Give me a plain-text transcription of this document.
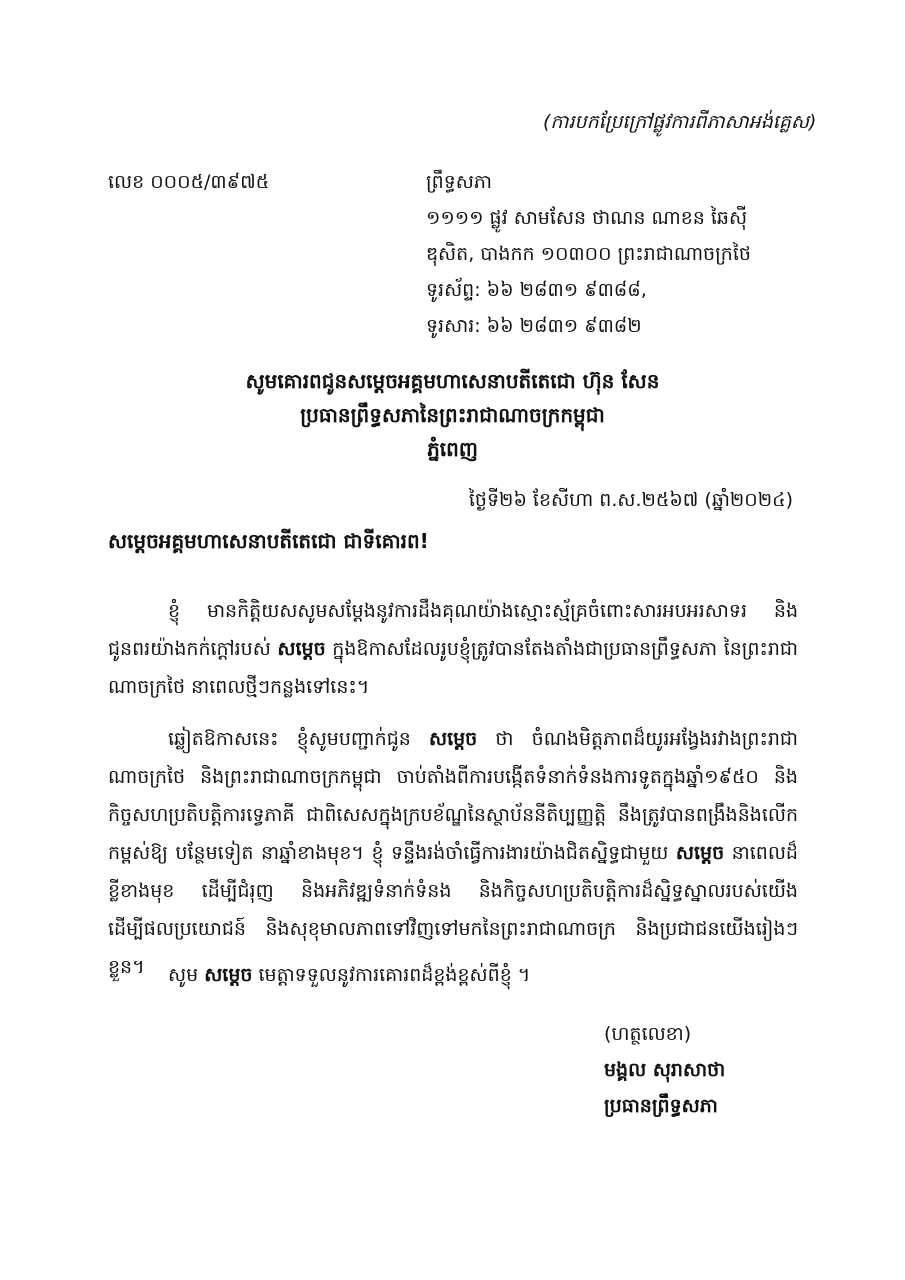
(ការបកប្រែក្រៅផ្លូវការពីភាសាអង់គ្លេស)
លេខ ០០០៥/៣៩៧៥	ព្រឹទ្ធសភា
១១១១ ផ្លូវ សាមសែន ថាណន ណាខន ឆៃស៊ី
ឌុសិត, បាងកក ១០៣០០ ព្រះរាជាណាចក្រថៃ
ទូរស័ព្ទ: ៦៦ ២៨៣១ ៩៣៨៨,
ទូរសារ: ៦៦ ២៨៣១ ៩៣៨២
សូមគោរពជូនសម្តេចអគ្គមហាសេនាបតីតេជោ ហ៊ុន សែន
ប្រធានព្រឹទ្ធសភានៃព្រះរាជាណាចក្រកម្ពុជា
ភ្នំពេញ
ថ្ងៃទី២៦ ខែសីហា ព.ស.២៥៦៧ (ឆ្នាំ២០២៤)
សម្តេចអគ្គមហាសេនាបតីតេជោ ជាទីគោរព!
ខ្ញុំ មានកិត្តិយសសូមសម្តែងនូវការដឹងគុណយ៉ាងស្មោះស្ម័គ្រចំពោះសារអបអរសាទរ និងជូនពរយ៉ាងកក់ក្តៅរបស់ សម្តេច ក្នុងឱកាសដែលរូបខ្ញុំត្រូវបានតែងតាំងជាប្រធានព្រឹទ្ធសភា នៃព្រះរាជាណាចក្រថៃ នាពេលថ្មីៗកន្លងទៅនេះ។
ឆ្លៀតឱកាសនេះ ខ្ញុំសូមបញ្ជាក់ជូន សម្តេច ថា ចំណងមិត្តភាពដ៏យូរអង្វែងរវាងព្រះរាជាណាចក្រថៃ និងព្រះរាជាណាចក្រកម្ពុជា ចាប់តាំងពីការបង្កើតទំនាក់ទំនងការទូតក្នុងឆ្នាំ១៩៥០ និងកិច្ចសហប្រតិបត្តិការទ្វេភាគី ជាពិសេសក្នុងក្របខ័ណ្ឌនៃស្ថាប័ននីតិប្បញ្ញត្តិ នឹងត្រូវបានពង្រឹងនិងលើកកម្ពស់ឱ្យ បន្ថែមទៀត នាឆ្នាំខាងមុខ។ ខ្ញុំ ទន្ទឹងរង់ចាំធ្វើការងារយ៉ាងជិតស្និទ្ធជាមួយ សម្តេច នាពេលដ៏ខ្លីខាងមុខ ដើម្បីជំរុញ និងអភិវឌ្ឍទំនាក់ទំនង និងកិច្ចសហប្រតិបត្តិការដ៏ស្និទ្ធស្នាលរបស់យើង ដើម្បីផលប្រយោជន៍ និងសុខុមាលភាពទៅវិញទៅមកនៃព្រះរាជាណាចក្រ និងប្រជាជនយើងរៀងៗខ្លួន។	សូម សម្តេច មេត្តាទទួលនូវការគោរពដ៏ខ្ពង់ខ្ពស់ពីខ្ញុំ ។
(ហត្ថលេខា)
មង្គល សុរាសាថា
ប្រធានព្រឹទ្ធសភា
